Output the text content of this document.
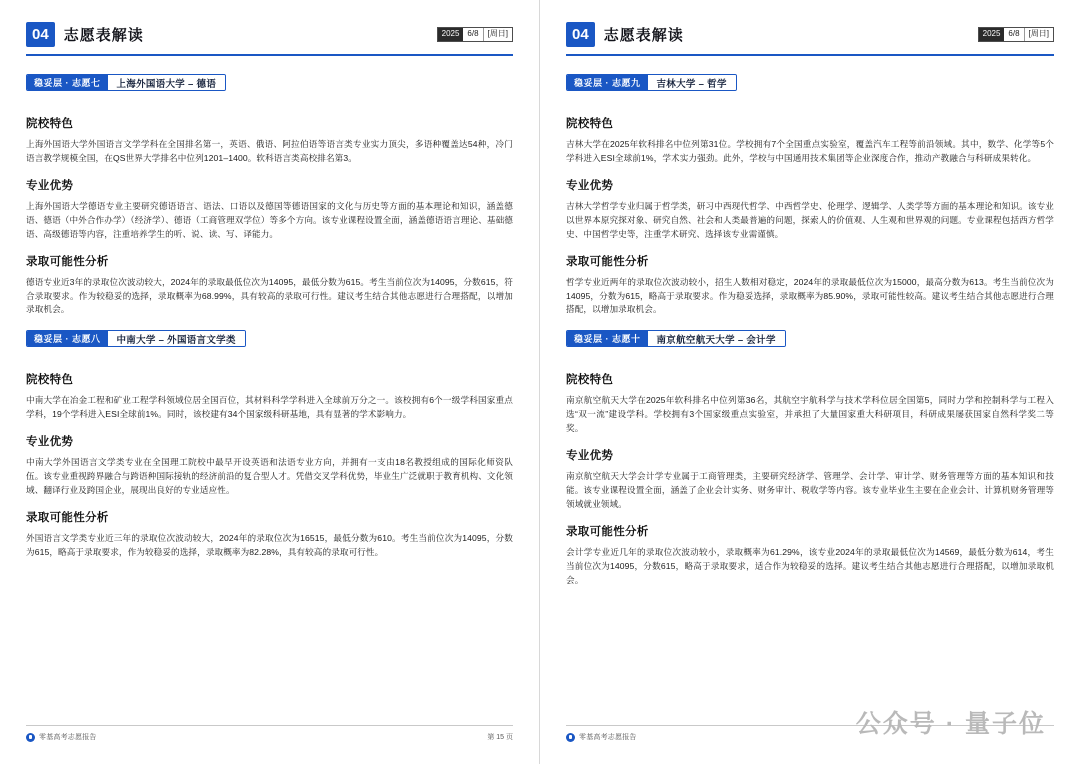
04	志愿表解读	2025	6/8	[周日]
稳妥层 · 志愿七	上海外国语大学 – 德语
院校特色

上海外国语大学外国语言文学学科在全国排名第一，英语、俄语、阿拉伯语等语言类专业实力顶尖，多语种覆盖达54种，冷门语言教学规模全国，在QS世界大学排名中位列1201–1400。软科语言类高校排名第3。

专业优势

上海外国语大学德语专业主要研究德语语言、语法、口语以及德国等德语国家的文化与历史等方面的基本理论和知识，涵盖德语、德语（中外合作办学）（经济学）、德语（工商管理双学位）等多个方向。该专业课程设置全面，涵盖德语语言理论、基础德语、高级德语等内容，注重培养学生的听、说、读、写、译能力。

录取可能性分析

德语专业近3年的录取位次波动较大，2024年的录取最低位次为14095，最低分数为615。考生当前位次为14095，分数615，符合录取要求。作为较稳妥的选择，录取概率为68.99%，具有较高的录取可行性。建议考生结合其他志愿进行合理搭配，以增加录取机会。

稳妥层 · 志愿八	中南大学 – 外国语言文学类
院校特色

中南大学在冶金工程和矿业工程学科领域位居全国百位，其材料科学学科进入全球前万分之一。该校拥有6个一级学科国家重点学科，19个学科进入ESI全球前1%。同时，该校建有34个国家级科研基地，具有显著的学术影响力。

专业优势

中南大学外国语言文学类专业在全国理工院校中最早开设英语和法语专业方向，并拥有一支由18名教授组成的国际化师资队伍。该专业重视跨界融合与跨语种国际接轨的经济前沿的复合型人才。凭借交叉学科优势，毕业生广泛就职于教育机构、文化领域、翻译行业及跨国企业，展现出良好的专业适应性。

录取可能性分析

外国语言文学类专业近三年的录取位次波动较大，2024年的录取位次为16515，最低分数为610。考生当前位次为14095，分数为615，略高于录取要求，作为较稳妥的选择，录取概率为82.28%，具有较高的录取可行性。

零基高考志愿报告	第 15 页
04	志愿表解读	2025	6/8	[周日]
稳妥层 · 志愿九	吉林大学 – 哲学
院校特色

吉林大学在2025年软科排名中位列第31位。学校拥有7个全国重点实验室，覆盖汽车工程等前沿领域。其中，数学、化学等5个学科进入ESI全球前1%，学术实力强劲。此外，学校与中国通用技术集团等企业深度合作，推动产教融合与科研成果转化。

专业优势

吉林大学哲学专业归属于哲学类，研习中西现代哲学、中西哲学史、伦理学、逻辑学、人类学等方面的基本理论和知识。该专业以世界本原究探对象、研究自然、社会和人类最普遍的问题，探索人的价值观、人生观和世界观的问题。专业课程包括西方哲学史、中国哲学史等，注重学术研究、选择该专业需谨慎。

录取可能性分析

哲学专业近两年的录取位次波动较小，招生人数相对稳定，2024年的录取最低位次为15000，最高分数为613。考生当前位次为14095，分数为615，略高于录取要求。作为稳妥选择，录取概率为85.90%，录取可能性较高。建议考生结合其他志愿进行合理搭配，以增加录取机会。

稳妥层 · 志愿十	南京航空航天大学 – 会计学
院校特色

南京航空航天大学在2025年软科排名中位列第36名，其航空宇航科学与技术学科位居全国第5，同时力学和控制科学与工程入选“双一流”建设学科。学校拥有3个国家级重点实验室，并承担了大量国家重大科研项目，科研成果屡获国家自然科学奖二等奖。

专业优势

南京航空航天大学会计学专业属于工商管理类，主要研究经济学、管理学、会计学、审计学、财务管理等方面的基本知识和技能。该专业课程设置全面，涵盖了企业会计实务、财务审计、税收学等内容。该专业毕业生主要在企业会计、计算机财务管理等领域就业领域。

录取可能性分析

会计学专业近几年的录取位次波动较小，录取概率为61.29%，该专业2024年的录取最低位次为14569，最低分数为614，考生当前位次为14095，分数615，略高于录取要求，适合作为较稳妥的选择。建议考生结合其他志愿进行合理搭配，以增加录取机会。

零基高考志愿报告	公众号 · 量子位
